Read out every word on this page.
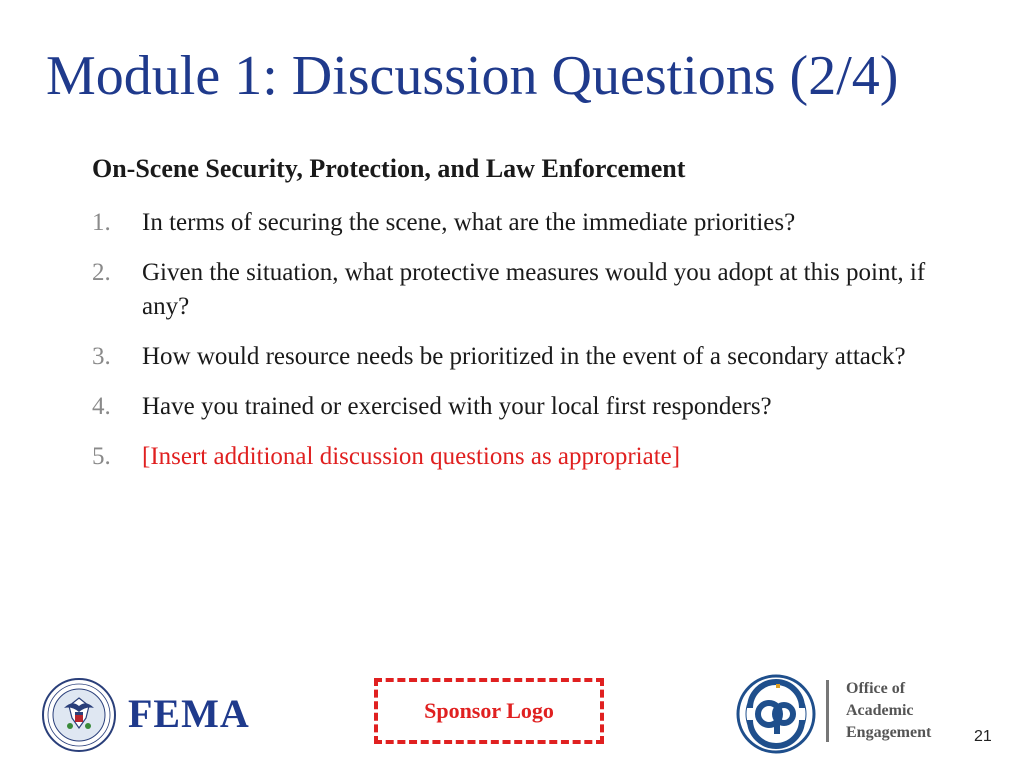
Module 1: Discussion Questions (2/4)
On-Scene Security, Protection, and Law Enforcement
1.	In terms of securing the scene, what are the immediate priorities?
2.	Given the situation, what protective measures would you adopt at this point, if any?
3.	How would resource needs be prioritized in the event of a secondary attack?
4.	Have you trained or exercised with your local first responders?
5.	[Insert additional discussion questions as appropriate]
FEMA	Sponsor Logo
Office of
Academic
Engagement	21
